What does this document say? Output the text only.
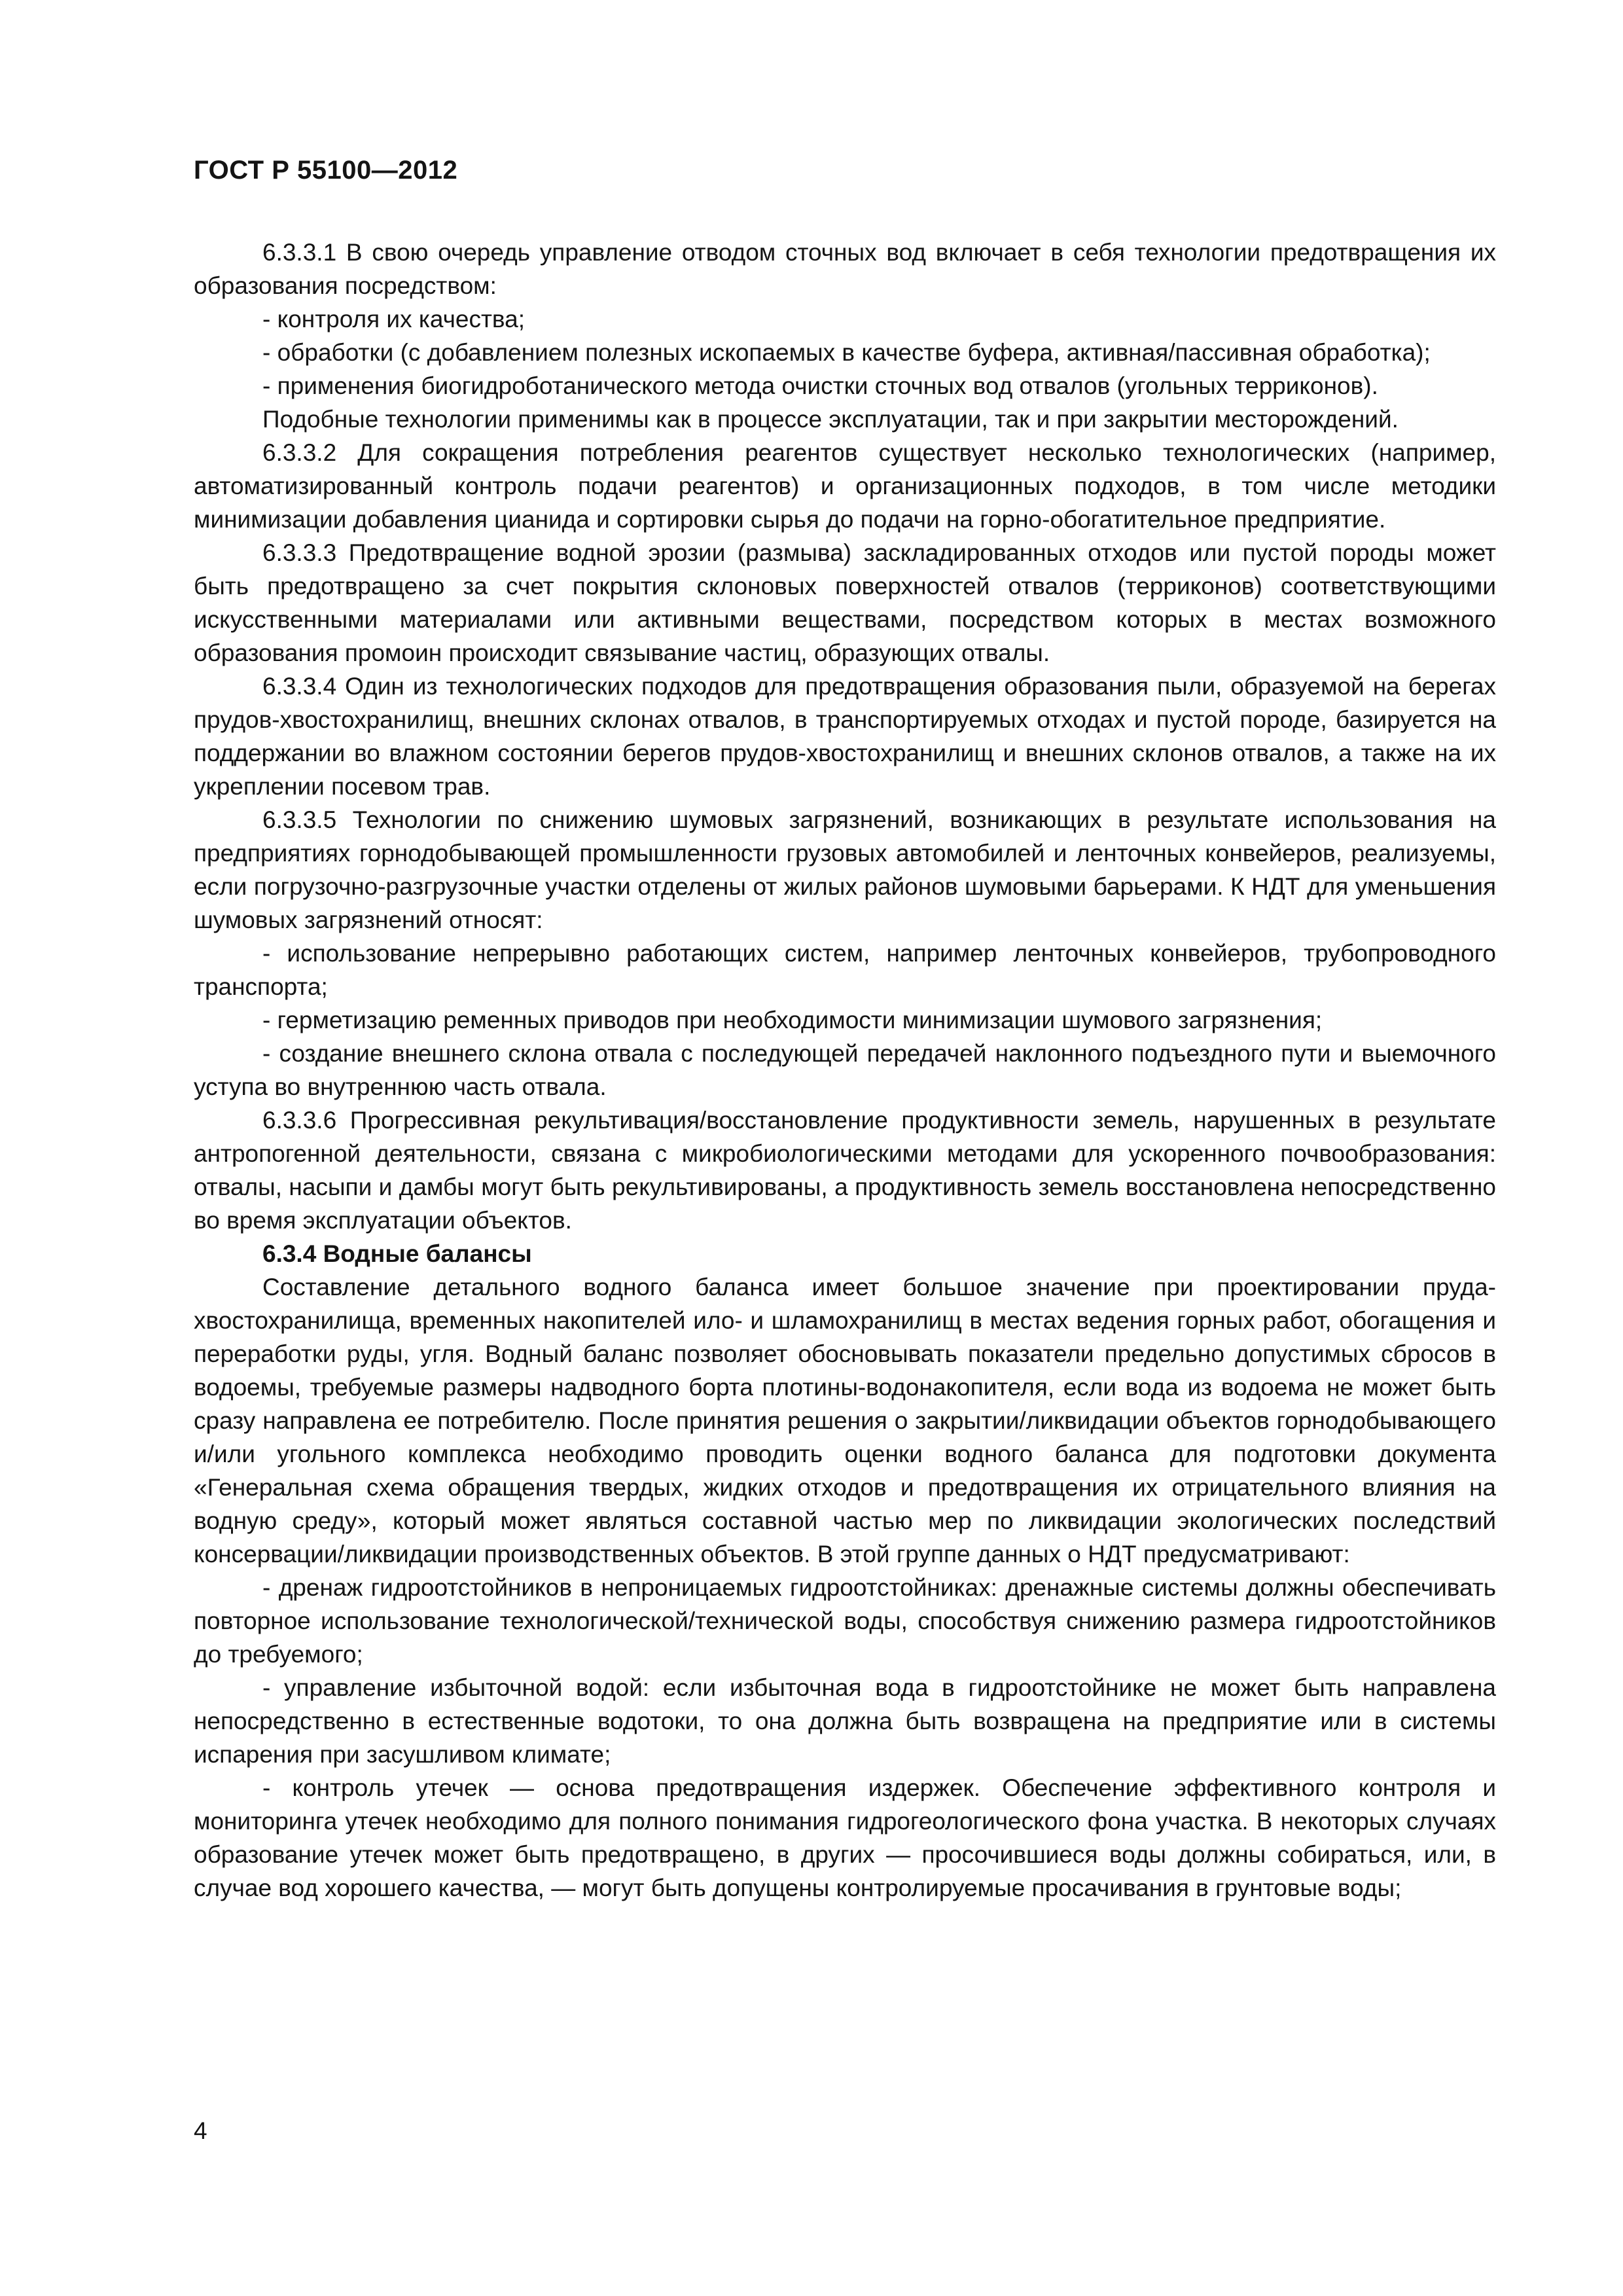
ГОСТ Р 55100—2012

6.3.3.1 В свою очередь управление отводом сточных вод включает в себя технологии предотвращения их образования посредством:

- контроля их качества;

- обработки (с добавлением полезных ископаемых в качестве буфера, активная/пассивная обработка);

- применения биогидроботанического метода очистки сточных вод отвалов (угольных терриконов).

Подобные технологии применимы как в процессе эксплуатации, так и при закрытии месторождений.

6.3.3.2 Для сокращения потребления реагентов существует несколько технологических (например, автоматизированный контроль подачи реагентов) и организационных подходов, в том числе методики минимизации добавления цианида и сортировки сырья до подачи на горно-обогатительное предприятие.

6.3.3.3 Предотвращение водной эрозии (размыва) заскладированных отходов или пустой породы может быть предотвращено за счет покрытия склоновых поверхностей отвалов (терриконов) соответствующими искусственными материалами или активными веществами, посредством которых в местах возможного образования промоин происходит связывание частиц, образующих отвалы.

6.3.3.4 Один из технологических подходов для предотвращения образования пыли, образуемой на берегах прудов-хвостохранилищ, внешних склонах отвалов, в транспортируемых отходах и пустой породе, базируется на поддержании во влажном состоянии берегов прудов-хвостохранилищ и внешних склонов отвалов, а также на их укреплении посевом трав.

6.3.3.5 Технологии по снижению шумовых загрязнений, возникающих в результате использования на предприятиях горнодобывающей промышленности грузовых автомобилей и ленточных конвейеров, реализуемы, если погрузочно-разгрузочные участки отделены от жилых районов шумовыми барьерами. К НДТ для уменьшения шумовых загрязнений относят:

- использование непрерывно работающих систем, например ленточных конвейеров, трубопроводного транспорта;

- герметизацию ременных приводов при необходимости минимизации шумового загрязнения;

- создание внешнего склона отвала с последующей передачей наклонного подъездного пути и выемочного уступа во внутреннюю часть отвала.

6.3.3.6 Прогрессивная рекультивация/восстановление продуктивности земель, нарушенных в результате антропогенной деятельности, связана с микробиологическими методами для ускоренного почвообразования: отвалы, насыпи и дамбы могут быть рекультивированы, а продуктивность земель восстановлена непосредственно во время эксплуатации объектов.

6.3.4 Водные балансы

Составление детального водного баланса имеет большое значение при проектировании пруда-хвостохранилища, временных накопителей ило- и шламохранилищ в местах ведения горных работ, обогащения и переработки руды, угля. Водный баланс позволяет обосновывать показатели предельно допустимых сбросов в водоемы, требуемые размеры надводного борта плотины-водонакопителя, если вода из водоема не может быть сразу направлена ее потребителю. После принятия решения о закрытии/ликвидации объектов горнодобывающего и/или угольного комплекса необходимо проводить оценки водного баланса для подготовки документа «Генеральная схема обращения твердых, жидких отходов и предотвращения их отрицательного влияния на водную среду», который может являться составной частью мер по ликвидации экологических последствий консервации/ликвидации производственных объектов. В этой группе данных о НДТ предусматривают:

- дренаж гидроотстойников в непроницаемых гидроотстойниках: дренажные системы должны обеспечивать повторное использование технологической/технической воды, способствуя снижению размера гидроотстойников до требуемого;

- управление избыточной водой: если избыточная вода в гидроотстойнике не может быть направлена непосредственно в естественные водотоки, то она должна быть возвращена на предприятие или в системы испарения при засушливом климате;

- контроль утечек — основа предотвращения издержек. Обеспечение эффективного контроля и мониторинга утечек необходимо для полного понимания гидрогеологического фона участка. В некоторых случаях образование утечек может быть предотвращено, в других — просочившиеся воды должны собираться, или, в случае вод хорошего качества, — могут быть допущены контролируемые просачивания в грунтовые воды;

4
